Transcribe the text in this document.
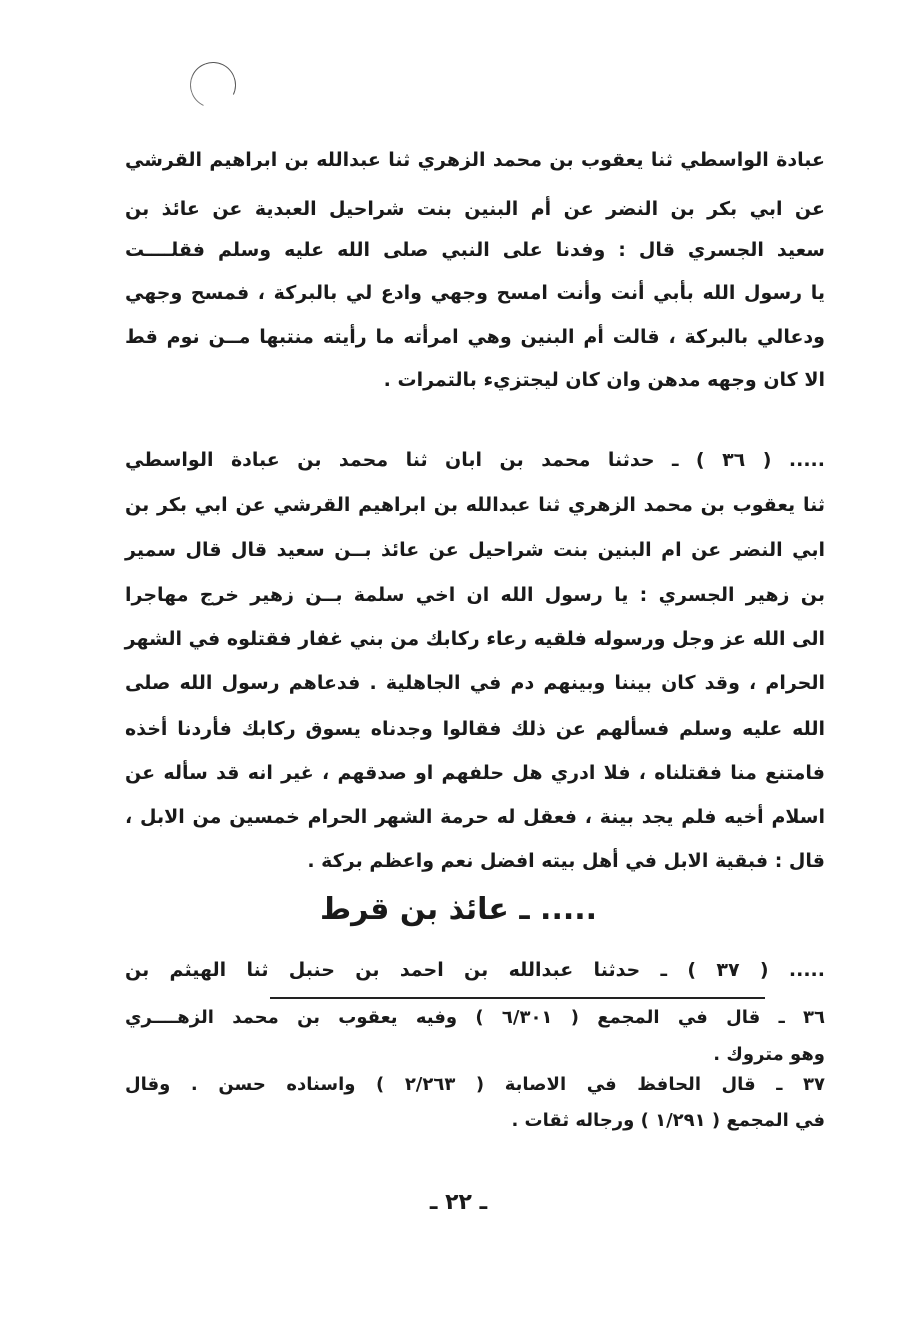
عبادة الواسطي ثنا يعقوب بن محمد الزهري ثنا عبدالله بن ابراهيم القرشي
عن ابي بكر بن النضر عن أم البنين بنت شراحيل العبدية عن عائذ بن
سعيد الجسري قال : وفدنا على النبي صلى الله عليه وسلم فقلــــت
يا رسول الله بأبي أنت وأنت امسح وجهي وادع لي بالبركة ، فمسح وجهي
ودعالي بالبركة ، قالت أم البنين وهي امرأته ما رأيته منتبها مــن نوم قط
الا كان وجهه مدهن وان كان ليجتزيء بالتمرات .
..... ( ٣٦ ) ـ حدثنا محمد بن ابان ثنا محمد بن عبادة الواسطي
ثنا يعقوب بن محمد الزهري ثنا عبدالله بن ابراهيم القرشي عن ابي بكر بن
ابي النضر عن ام البنين بنت شراحيل عن عائذ بــن سعيد قال قال سمير
بن زهير الجسري : يا رسول الله ان اخي سلمة بــن زهير خرج مهاجرا
الى الله عز وجل ورسوله فلقيه رعاء ركابك من بني غفار فقتلوه في الشهر
الحرام ، وقد كان بيننا وبينهم دم في الجاهلية . فدعاهم رسول الله صلى
الله عليه وسلم فسألهم عن ذلك فقالوا وجدناه يسوق ركابك فأردنا أخذه
فامتنع منا فقتلناه ، فلا ادري هل حلفهم او صدقهم ، غير انه قد سأله عن
اسلام أخيه فلم يجد بينة ، فعقل له حرمة الشهر الحرام خمسين من الابل ،
قال : فبقية الابل في أهل بيته افضل نعم واعظم بركة .
..... ـ عائذ بن قرط
..... ( ٣٧ ) ـ حدثنا عبدالله بن احمد بن حنبل ثنا الهيثم بن
٣٦ ـ قال في المجمع ( ٦/٣٠١ ) وفيه يعقوب بن محمد الزهــــري
وهو متروك .
٣٧ ـ قال الحافظ في الاصابة ( ٢/٢٦٣ ) واسناده حسن . وقال
في المجمع ( ١/٢٩١ ) ورجاله ثقات .
ـ ٢٢ ـ
